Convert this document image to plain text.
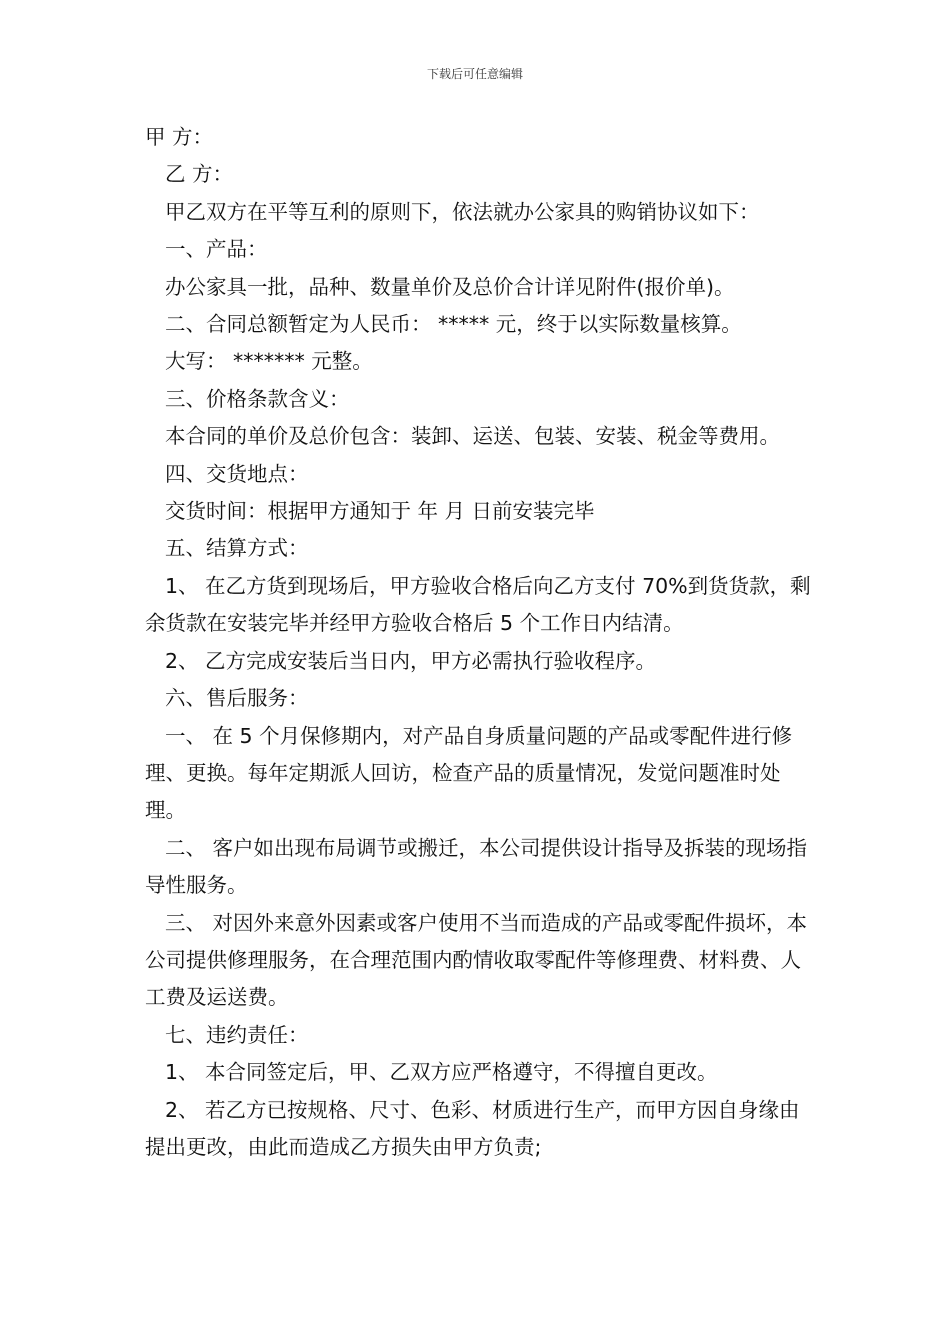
下载后可任意编辑

甲 方：

乙 方：

甲乙双方在平等互利的原则下，依法就办公家具的购销协议如下：

一、产品：

办公家具一批，品种、数量单价及总价合计详见附件(报价单)。

二、合同总额暂定为人民币： ***** 元，终于以实际数量核算。

大写： ******* 元整。

三、价格条款含义：

本合同的单价及总价包含：装卸、运送、包装、安装、税金等费用。

四、交货地点：

交货时间：根据甲方通知于 年 月 日前安装完毕

五、结算方式：

1、 在乙方货到现场后，甲方验收合格后向乙方支付 70%到货货款，剩余货款在安装完毕并经甲方验收合格后 5 个工作日内结清。

2、 乙方完成安装后当日内，甲方必需执行验收程序。

六、售后服务：

一、 在 5 个月保修期内，对产品自身质量问题的产品或零配件进行修理、更换。每年定期派人回访，检查产品的质量情况，发觉问题准时处理。

二、 客户如出现布局调节或搬迁，本公司提供设计指导及拆装的现场指导性服务。

三、 对因外来意外因素或客户使用不当而造成的产品或零配件损坏，本公司提供修理服务，在合理范围内酌情收取零配件等修理费、材料费、人工费及运送费。

七、违约责任：

1、 本合同签定后，甲、乙双方应严格遵守，不得擅自更改。

2、 若乙方已按规格、尺寸、色彩、材质进行生产，而甲方因自身缘由提出更改，由此而造成乙方损失由甲方负责;
